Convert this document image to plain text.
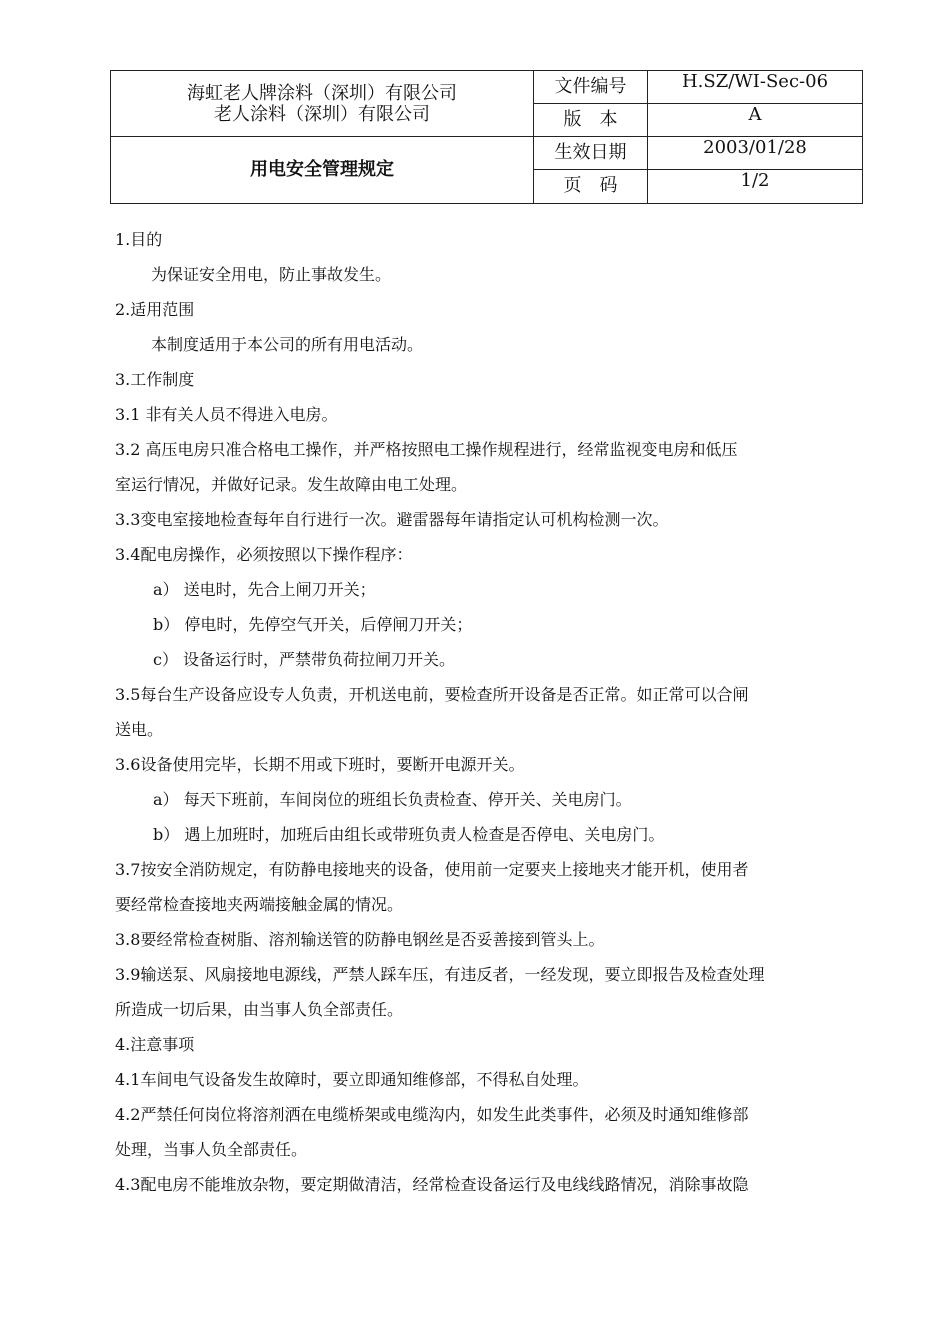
海虹老人牌涂料（深圳）有限公司
老人涂料（深圳）有限公司	文件编号	H.SZ/WI-Sec-06
	版　本	A
用电安全管理规定	生效日期	2003/01/28
	页　码	1/2

1.目的

为保证安全用电，防止事故发生。

2.适用范围

本制度适用于本公司的所有用电活动。

3.工作制度

3.1 非有关人员不得进入电房。

3.2 高压电房只准合格电工操作，并严格按照电工操作规程进行，经常监视变电房和低压

室运行情况，并做好记录。发生故障由电工处理。

3.3变电室接地检查每年自行进行一次。避雷器每年请指定认可机构检测一次。

3.4配电房操作，必须按照以下操作程序：

a） 送电时，先合上闸刀开关；

b） 停电时，先停空气开关，后停闸刀开关；

c） 设备运行时，严禁带负荷拉闸刀开关。

3.5每台生产设备应设专人负责，开机送电前，要检查所开设备是否正常。如正常可以合闸

送电。

3.6设备使用完毕，长期不用或下班时，要断开电源开关。

a） 每天下班前，车间岗位的班组长负责检查、停开关、关电房门。

b） 遇上加班时，加班后由组长或带班负责人检查是否停电、关电房门。

3.7按安全消防规定，有防静电接地夹的设备，使用前一定要夹上接地夹才能开机，使用者

要经常检查接地夹两端接触金属的情况。

3.8要经常检查树脂、溶剂输送管的防静电钢丝是否妥善接到管头上。

3.9输送泵、风扇接地电源线，严禁人踩车压，有违反者，一经发现，要立即报告及检查处理

所造成一切后果，由当事人负全部责任。

4.注意事项

4.1车间电气设备发生故障时，要立即通知维修部，不得私自处理。

4.2严禁任何岗位将溶剂洒在电缆桥架或电缆沟内，如发生此类事件，必须及时通知维修部

处理，当事人负全部责任。

4.3配电房不能堆放杂物，要定期做清洁，经常检查设备运行及电线线路情况，消除事故隐
